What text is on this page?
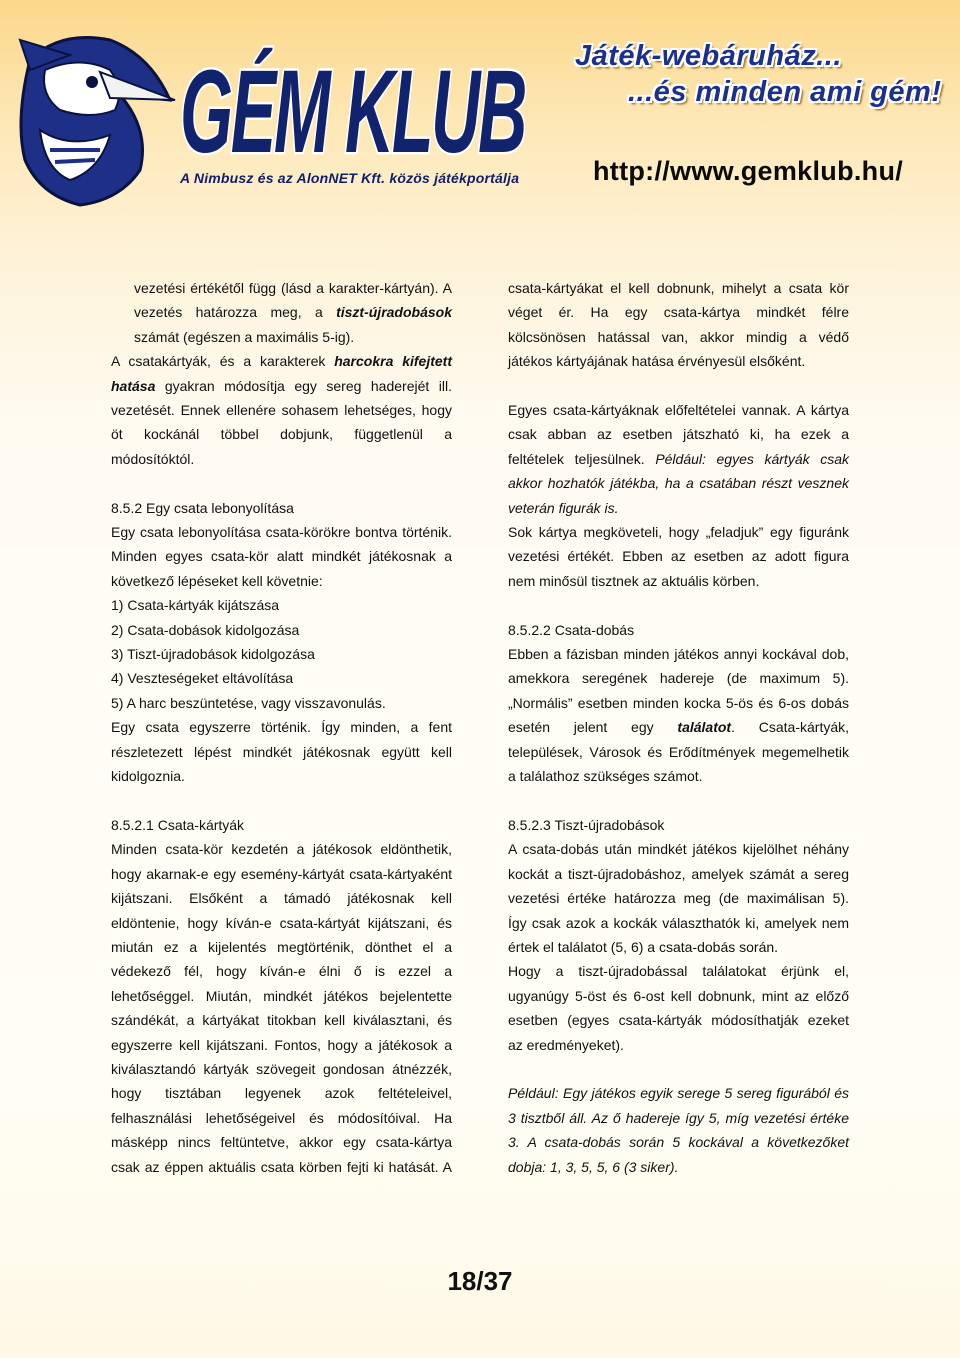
GÉM KLUB Játék-webáruház...
...és minden ami gém!
http://www.gemklub.hu/
A Nimbusz és az AlonNET Kft. közös játékportálja

vezetési értékétől függ (lásd a karakter-kártyán). A

vezetés határozza meg, a tiszt-újradobások

számát (egészen a maximális 5-ig).

A csatakártyák, és a karakterek harcokra kifejtett

hatása gyakran módosítja egy sereg haderejét ill.

vezetését. Ennek ellenére sohasem lehetséges, hogy

öt kockánál többel dobjunk, függetlenül a

módosítóktól.

8.5.2 Egy csata lebonyolítása

Egy csata lebonyolítása csata-körökre bontva történik.

Minden egyes csata-kör alatt mindkét játékosnak a

következő lépéseket kell követnie:

1) Csata-kártyák kijátszása

2) Csata-dobások kidolgozása

3) Tiszt-újradobások kidolgozása

4) Veszteségeket eltávolítása

5) A harc beszüntetése, vagy visszavonulás.

Egy csata egyszerre történik. Így minden, a fent

részletezett lépést mindkét játékosnak együtt kell

kidolgoznia.

8.5.2.1 Csata-kártyák

Minden csata-kör kezdetén a játékosok eldönthetik,

hogy akarnak-e egy esemény-kártyát csata-kártyaként

kijátszani. Elsőként a támadó játékosnak kell

eldöntenie, hogy kíván-e csata-kártyát kijátszani, és

miután ez a kijelentés megtörténik, dönthet el a

védekező fél, hogy kíván-e élni ő is ezzel a

lehetőséggel. Miután, mindkét játékos bejelentette

szándékát, a kártyákat titokban kell kiválasztani, és

egyszerre kell kijátszani. Fontos, hogy a játékosok a

kiválasztandó kártyák szövegeit gondosan átnézzék,

hogy tisztában legyenek azok feltételeivel,

felhasználási lehetőségeivel és módosítóival. Ha

másképp nincs feltüntetve, akkor egy csata-kártya

csak az éppen aktuális csata körben fejti ki hatását. A

csata-kártyákat el kell dobnunk, mihelyt a csata kör

véget ér. Ha egy csata-kártya mindkét félre

kölcsönösen hatással van, akkor mindig a védő

játékos kártyájának hatása érvényesül elsőként.

Egyes csata-kártyáknak előfeltételei vannak. A kártya

csak abban az esetben játszható ki, ha ezek a

feltételek teljesülnek. Például: egyes kártyák csak

akkor hozhatók játékba, ha a csatában részt vesznek

veterán figurák is.

Sok kártya megköveteli, hogy „feladjuk” egy figuránk

vezetési értékét. Ebben az esetben az adott figura

nem minősül tisztnek az aktuális körben.

8.5.2.2 Csata-dobás

Ebben a fázisban minden játékos annyi kockával dob,

amekkora seregének hadereje (de maximum 5).

„Normális” esetben minden kocka 5-ös és 6-os dobás

esetén jelent egy találatot. Csata-kártyák,

települések, Városok és Erődítmények megemelhetik

a találathoz szükséges számot.

8.5.2.3 Tiszt-újradobások

A csata-dobás után mindkét játékos kijelölhet néhány

kockát a tiszt-újradobáshoz, amelyek számát a sereg

vezetési értéke határozza meg (de maximálisan 5).

Így csak azok a kockák választhatók ki, amelyek nem

értek el találatot (5, 6) a csata-dobás során.

Hogy a tiszt-újradobással találatokat érjünk el,

ugyanúgy 5-öst és 6-ost kell dobnunk, mint az előző

esetben (egyes csata-kártyák módosíthatják ezeket

az eredményeket).

Például: Egy játékos egyik serege 5 sereg figurából és

3 tisztből áll. Az ő hadereje így 5, míg vezetési értéke

3. A csata-dobás során 5 kockával a következőket

dobja: 1, 3, 5, 5, 6 (3 siker).

18/37
